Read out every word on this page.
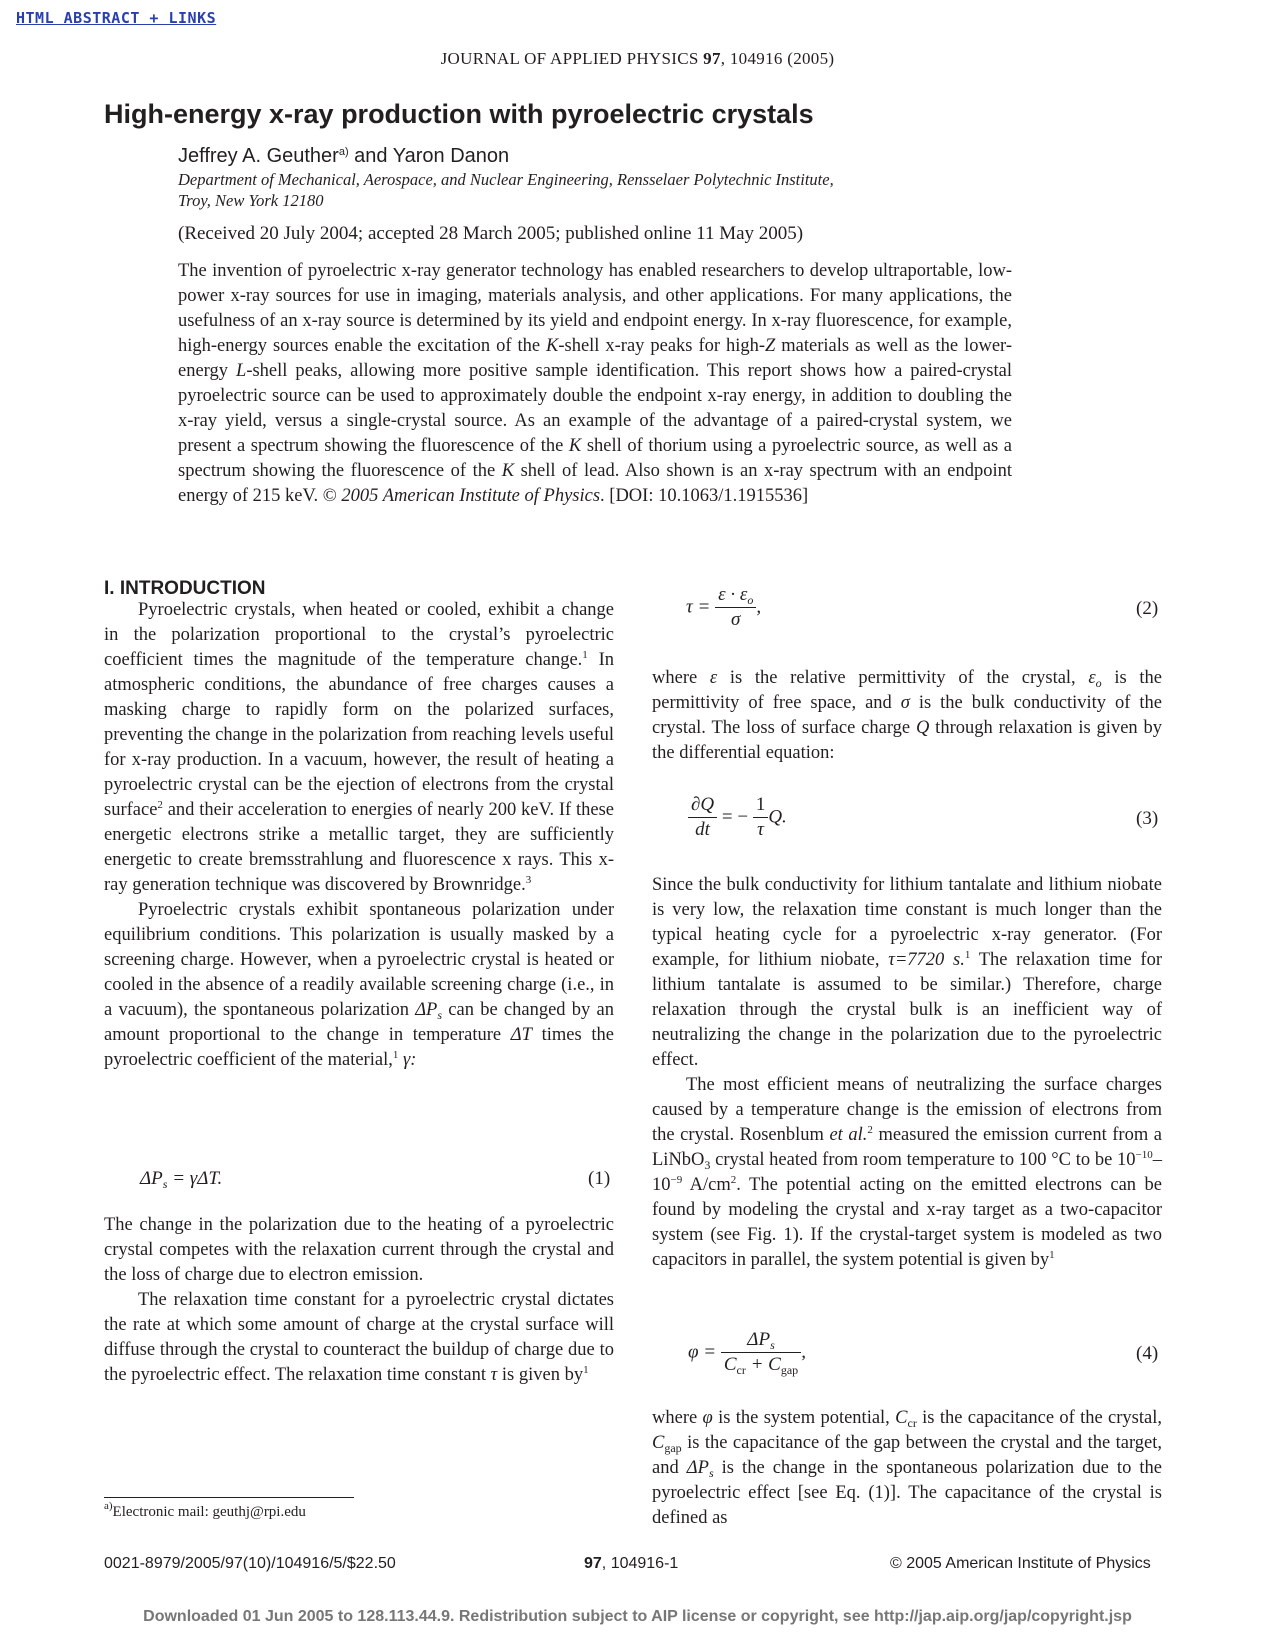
HTML ABSTRACT + LINKS
JOURNAL OF APPLIED PHYSICS 97, 104916 (2005)
High-energy x-ray production with pyroelectric crystals
Jeffrey A. Geuther$^{a)}$ and Yaron Danon
Department of Mechanical, Aerospace, and Nuclear Engineering, Rensselaer Polytechnic Institute,
Troy, New York 12180
(Received 20 July 2004; accepted 28 March 2005; published online 11 May 2005)
The invention of pyroelectric x-ray generator technology has enabled researchers to develop ultraportable, low-power x-ray sources for use in imaging, materials analysis, and other applications. For many applications, the usefulness of an x-ray source is determined by its yield and endpoint energy. In x-ray fluorescence, for example, high-energy sources enable the excitation of the K-shell x-ray peaks for high-Z materials as well as the lower-energy L-shell peaks, allowing more positive sample identification. This report shows how a paired-crystal pyroelectric source can be used to approximately double the endpoint x-ray energy, in addition to doubling the x-ray yield, versus a single-crystal source. As an example of the advantage of a paired-crystal system, we present a spectrum showing the fluorescence of the K shell of thorium using a pyroelectric source, as well as a spectrum showing the fluorescence of the K shell of lead. Also shown is an x-ray spectrum with an endpoint energy of 215 keV. © 2005 American Institute of Physics. [DOI: 10.1063/1.1915536]
I. INTRODUCTION

Pyroelectric crystals, when heated or cooled, exhibit a change in the polarization proportional to the crystal’s pyroelectric coefficient times the magnitude of the temperature change.$^1$ In atmospheric conditions, the abundance of free charges causes a masking charge to rapidly form on the polarized surfaces, preventing the change in the polarization from reaching levels useful for x-ray production. In a vacuum, however, the result of heating a pyroelectric crystal can be the ejection of electrons from the crystal surface$^2$ and their acceleration to energies of nearly 200 keV. If these energetic electrons strike a metallic target, they are sufficiently energetic to create bremsstrahlung and fluorescence x rays. This x-ray generation technique was discovered by Brownridge.$^3$

Pyroelectric crystals exhibit spontaneous polarization under equilibrium conditions. This polarization is usually masked by a screening charge. However, when a pyroelectric crystal is heated or cooled in the absence of a readily available screening charge (i.e., in a vacuum), the spontaneous polarization $\Delta P_s$ can be changed by an amount proportional to the change in temperature ΔT times the pyroelectric coefficient of the material,$^1$ γ:

$\Delta P_s = \gamma\Delta T$.	(1)

The change in the polarization due to the heating of a pyroelectric crystal competes with the relaxation current through the crystal and the loss of charge due to electron emission.

The relaxation time constant for a pyroelectric crystal dictates the rate at which some amount of charge at the crystal surface will diffuse through the crystal to counteract the buildup of charge due to the pyroelectric effect. The relaxation time constant τ is given $by^1$

$^{a)}$Electronic mail: geuthj@rpi.edu
$\tau = \frac{\varepsilon \cdot \varepsilon_o}{\sigma}$ ,	(2)

where ε is the relative permittivity of the crystal, $\varepsilon_o$ is the permittivity of free space, and σ is the bulk conductivity of the crystal. The loss of surface charge Q through relaxation is given by the differential equation:

$\frac{\partial Q}{dt}$ = − $\frac{1}{\tau} Q$.	(3)

Since the bulk conductivity for lithium tantalate and lithium niobate is very low, the relaxation time constant is much longer than the typical heating cycle for a pyroelectric x-ray generator. (For example, for lithium niobate, τ=7720 s.$^1$ The relaxation time for lithium tantalate is assumed to be similar.) Therefore, charge relaxation through the crystal bulk is an inefficient way of neutralizing the change in the polarization due to the pyroelectric effect.

The most efficient means of neutralizing the surface charges caused by a temperature change is the emission of electrons from the crystal. Rosenblum et al.$^2$ measured the emission current from a LiNbO$_3$ crystal heated from room temperature to 100 °C to be $10^{-10}-10^{-9}$ $A/cm^2$. The potential acting on the emitted electrons can be found by modeling the crystal and x-ray target as a two-capacitor system (see Fig. 1). If the crystal-target system is modeled as two capacitors in parallel, the system potential is given $by^1$

$\varphi = \frac{\Delta P_s}{C_{cr} + C_{gap}}$ ,	(4)

where φ is the system potential, $C_{cr}$ is the capacitance of the crystal, $C_{gap}$ is the capacitance of the gap between the crystal and the target, and $\Delta P_s$ is the change in the spontaneous polarization due to the pyroelectric effect [see Eq. (1)]. The capacitance of the crystal is defined as

0021-8979/2005/97(10)/104916/5/$22.50	97, 104916-1	© 2005 American Institute of Physics
Downloaded 01 Jun 2005 to 128.113.44.9. Redistribution subject to AIP license or copyright, see http://jap.aip.org/jap/copyright.jsp
